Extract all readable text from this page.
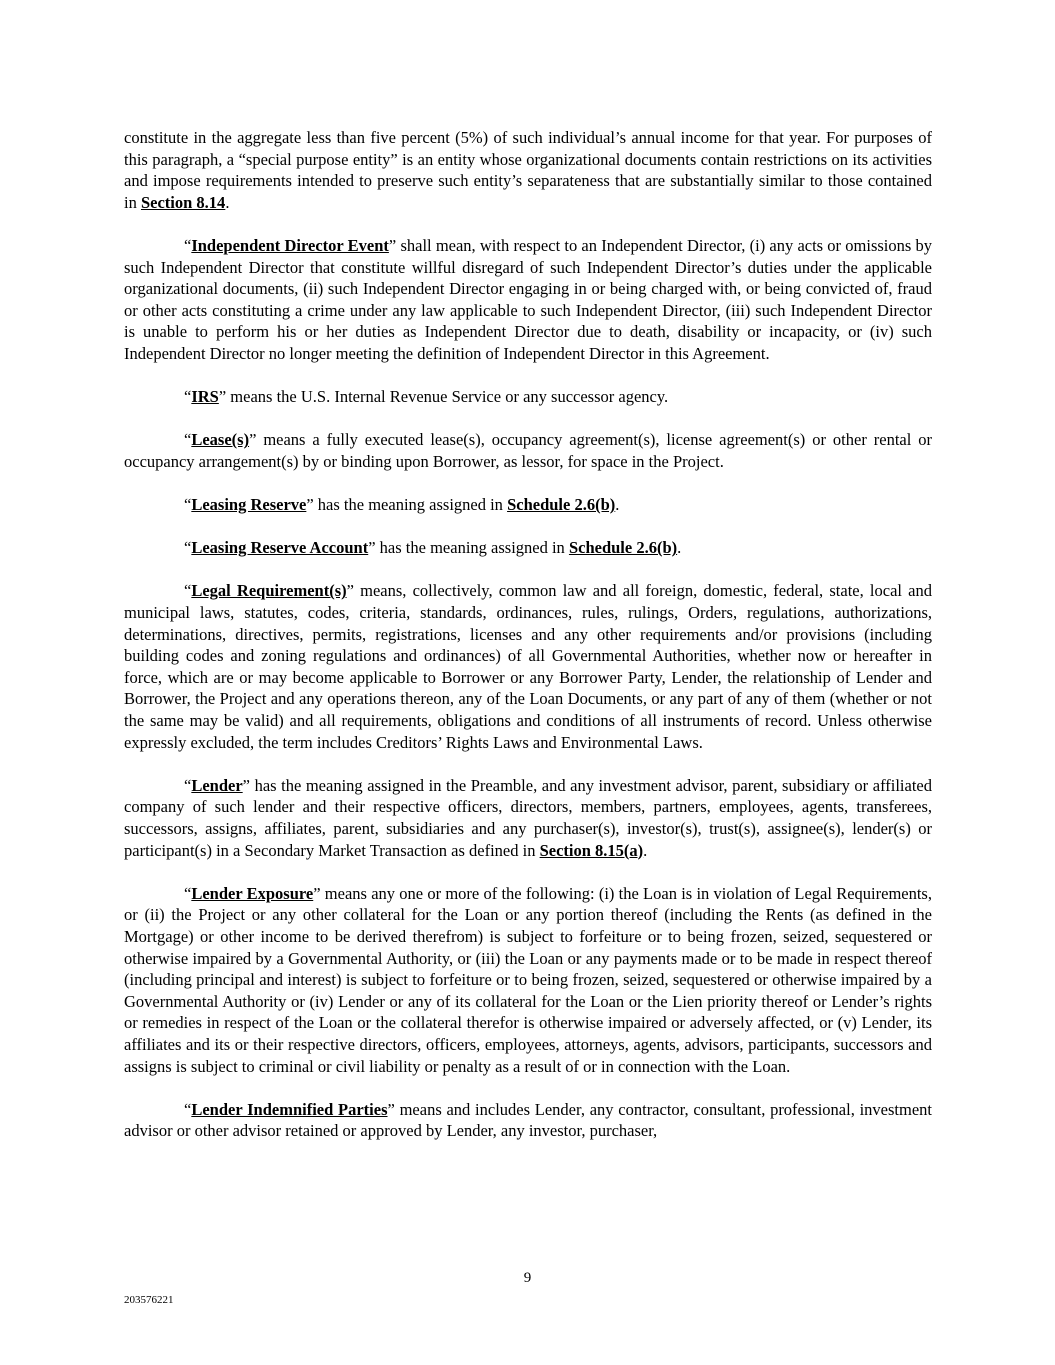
constitute in the aggregate less than five percent (5%) of such individual’s annual income for that year. For purposes of this paragraph, a “special purpose entity” is an entity whose organizational documents contain restrictions on its activities and impose requirements intended to preserve such entity’s separateness that are substantially similar to those contained in Section 8.14.

“Independent Director Event” shall mean, with respect to an Independent Director, (i) any acts or omissions by such Independent Director that constitute willful disregard of such Independent Director’s duties under the applicable organizational documents, (ii) such Independent Director engaging in or being charged with, or being convicted of, fraud or other acts constituting a crime under any law applicable to such Independent Director, (iii) such Independent Director is unable to perform his or her duties as Independent Director due to death, disability or incapacity, or (iv) such Independent Director no longer meeting the definition of Independent Director in this Agreement.

“IRS” means the U.S. Internal Revenue Service or any successor agency.

“Lease(s)” means a fully executed lease(s), occupancy agreement(s), license agreement(s) or other rental or occupancy arrangement(s) by or binding upon Borrower, as lessor, for space in the Project.

“Leasing Reserve” has the meaning assigned in Schedule 2.6(b).

“Leasing Reserve Account” has the meaning assigned in Schedule 2.6(b).

“Legal Requirement(s)” means, collectively, common law and all foreign, domestic, federal, state, local and municipal laws, statutes, codes, criteria, standards, ordinances, rules, rulings, Orders, regulations, authorizations, determinations, directives, permits, registrations, licenses and any other requirements and/or provisions (including building codes and zoning regulations and ordinances) of all Governmental Authorities, whether now or hereafter in force, which are or may become applicable to Borrower or any Borrower Party, Lender, the relationship of Lender and Borrower, the Project and any operations thereon, any of the Loan Documents, or any part of any of them (whether or not the same may be valid) and all requirements, obligations and conditions of all instruments of record. Unless otherwise expressly excluded, the term includes Creditors’ Rights Laws and Environmental Laws.

“Lender” has the meaning assigned in the Preamble, and any investment advisor, parent, subsidiary or affiliated company of such lender and their respective officers, directors, members, partners, employees, agents, transferees, successors, assigns, affiliates, parent, subsidiaries and any purchaser(s), investor(s), trust(s), assignee(s), lender(s) or participant(s) in a Secondary Market Transaction as defined in Section 8.15(a).

“Lender Exposure” means any one or more of the following: (i) the Loan is in violation of Legal Requirements, or (ii) the Project or any other collateral for the Loan or any portion thereof (including the Rents (as defined in the Mortgage) or other income to be derived therefrom) is subject to forfeiture or to being frozen, seized, sequestered or otherwise impaired by a Governmental Authority, or (iii) the Loan or any payments made or to be made in respect thereof (including principal and interest) is subject to forfeiture or to being frozen, seized, sequestered or otherwise impaired by a Governmental Authority or (iv) Lender or any of its collateral for the Loan or the Lien priority thereof or Lender’s rights or remedies in respect of the Loan or the collateral therefor is otherwise impaired or adversely affected, or (v) Lender, its affiliates and its or their respective directors, officers, employees, attorneys, agents, advisors, participants, successors and assigns is subject to criminal or civil liability or penalty as a result of or in connection with the Loan.

“Lender Indemnified Parties” means and includes Lender, any contractor, consultant, professional, investment advisor or other advisor retained or approved by Lender, any investor, purchaser,

9
203576221
